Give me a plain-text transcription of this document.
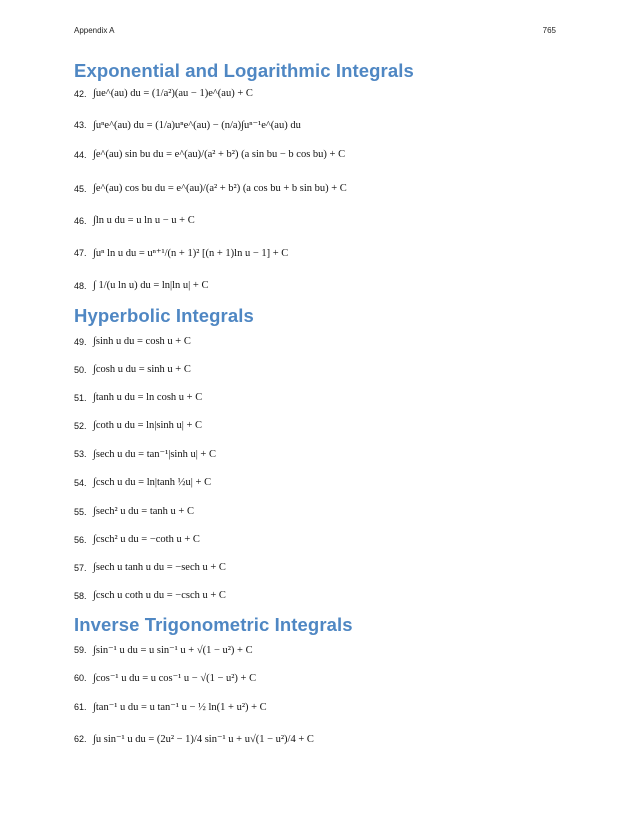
Appendix A	765
Exponential and Logarithmic Integrals
42. ∫ue^(au) du = (1/a²)(au − 1)e^(au) + C
43. ∫uⁿe^(au) du = (1/a)uⁿe^(au) − (n/a)∫uⁿ⁻¹e^(au) du
44. ∫e^(au) sin bu du = e^(au)/(a² + b²) (a sin bu − b cos bu) + C
45. ∫e^(au) cos bu du = e^(au)/(a² + b²) (a cos bu + b sin bu) + C
46. ∫ln u du = u ln u − u + C
47. ∫uⁿ ln u du = uⁿ⁺¹/(n + 1)² [(n + 1)ln u − 1] + C
48. ∫ 1/(u ln u) du = ln|ln u| + C
Hyperbolic Integrals
49. ∫sinh u du = cosh u + C
50. ∫cosh u du = sinh u + C
51. ∫tanh u du = ln cosh u + C
52. ∫coth u du = ln|sinh u| + C
53. ∫sech u du = tan⁻¹|sinh u| + C
54. ∫csch u du = ln|tanh ½u| + C
55. ∫sech² u du = tanh u + C
56. ∫csch² u du = −coth u + C
57. ∫sech u tanh u du = −sech u + C
58. ∫csch u coth u du = −csch u + C
Inverse Trigonometric Integrals
59. ∫sin⁻¹ u du = u sin⁻¹ u + √(1 − u²) + C
60. ∫cos⁻¹ u du = u cos⁻¹ u − √(1 − u²) + C
61. ∫tan⁻¹ u du = u tan⁻¹ u − ½ ln(1 + u²) + C
62. ∫u sin⁻¹ u du = (2u² − 1)/4 sin⁻¹ u + u√(1 − u²)/4 + C
